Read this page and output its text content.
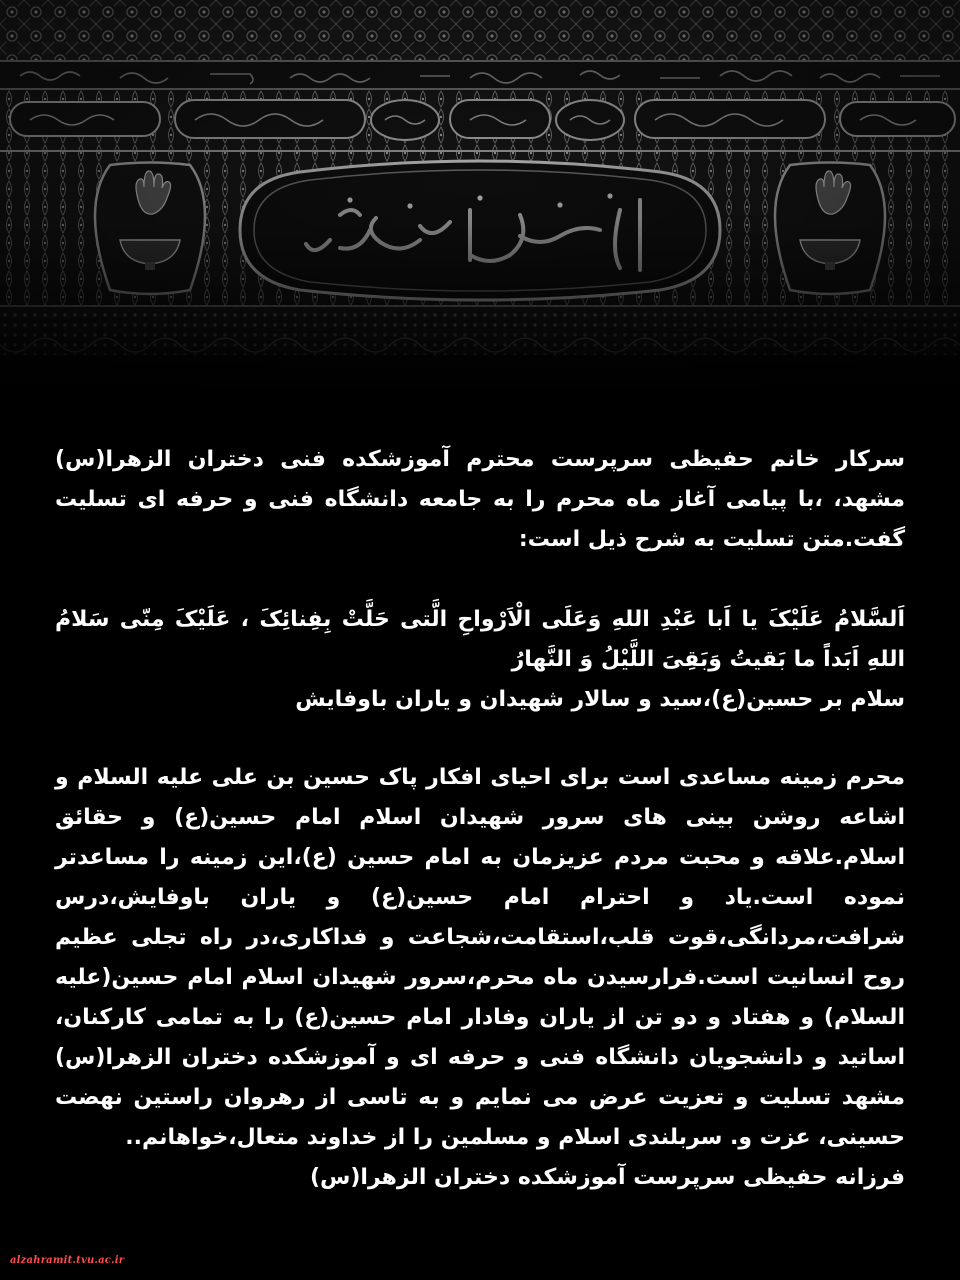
سرکار خانم حفیظی سرپرست محترم آموزشکده فنی دختران الزهرا(س) مشهد، ،با پیامی آغاز ماه محرم را به جامعه دانشگاه فنی و حرفه ای تسلیت گفت.متن تسلیت به شرح ذیل است:

اَلسَّلامُ عَلَیْکَ یا اَبا عَبْدِ اللهِ وَعَلَى الْاَرْواحِ الَّتی حَلَّتْ بِفِنائِکَ ، عَلَیْکَ مِنّی سَلامُ اللهِ اَبَداً ما بَقیتُ وَبَقِیَ اللَّیْلُ وَ النَّهارُ

سلام بر حسین(ع)،سید و سالار شهیدان و یاران باوفایش

محرم زمینه مساعدی است برای احیای افکار پاک حسین بن علی علیه السلام و اشاعه روشن بینی های سرور شهیدان اسلام امام حسین(ع) و حقائق اسلام.علاقه و محبت مردم عزیزمان به امام حسین (ع)،این زمینه را مساعدتر نموده است.یاد و احترام امام حسین(ع) و یاران باوفایش،درس شرافت،مردانگی،قوت قلب،استقامت،شجاعت و فداکاری،در راه تجلی عظیم روح انسانیت است.فرارسیدن ماه محرم،سرور شهیدان اسلام امام حسین(علیه السلام) و هفتاد و دو تن از یاران وفادار امام حسین(ع) را به تمامی کارکنان، اساتید و دانشجویان دانشگاه فنی و حرفه ای و آموزشکده دختران الزهرا(س) مشهد تسلیت و تعزیت عرض می نمایم و به تاسی از رهروان راستین نهضت حسینی، عزت و. سربلندی اسلام و مسلمین را از خداوند متعال،خواهانم..

فرزانه حفیظی سرپرست آموزشکده دختران الزهرا(س)

alzahramit.tvu.ac.ir
